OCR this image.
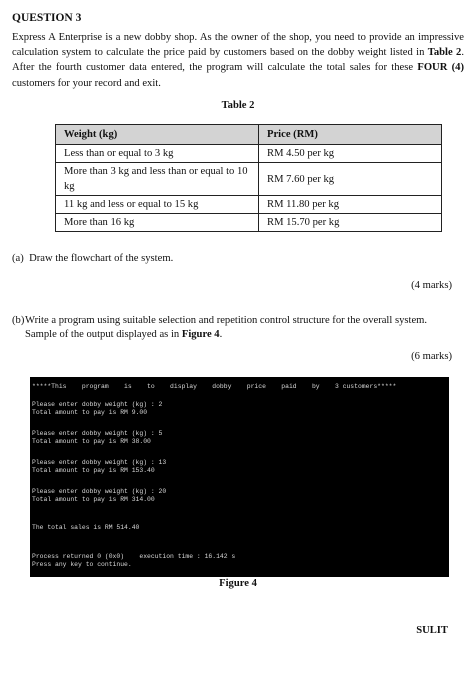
QUESTION 3
Express A Enterprise is a new dobby shop. As the owner of the shop, you need to provide an impressive calculation system to calculate the price paid by customers based on the dobby weight listed in Table 2. After the fourth customer data entered, the program will calculate the total sales for these FOUR (4) customers for your record and exit.
Table 2
Weight (kg)	Price (RM)
Less than or equal to 3 kg	RM 4.50 per kg
More than 3 kg and less than or equal to 10 kg	RM 7.60 per kg
11 kg and less or equal to 15 kg	RM 11.80 per kg
More than 16 kg	RM 15.70 per kg
(a) Draw the flowchart of the system.
(4 marks)
(b) Write a program using suitable selection and repetition control structure for the overall system. Sample of the output displayed as in Figure 4.
(6 marks)

*****This    program    is    to    display    dobby    price    paid    by    3 customers*****

Please enter dobby weight (kg) : 2

Total amount to pay is RM 9.00

Please enter dobby weight (kg) : 5

Total amount to pay is RM 38.00

Please enter dobby weight (kg) : 13

Total amount to pay is RM 153.40

Please enter dobby weight (kg) : 20

Total amount to pay is RM 314.00

The total sales is RM 514.40

Process returned 0 (0x0)    execution time : 16.142 s

Press any key to continue.

Figure 4
SULIT
